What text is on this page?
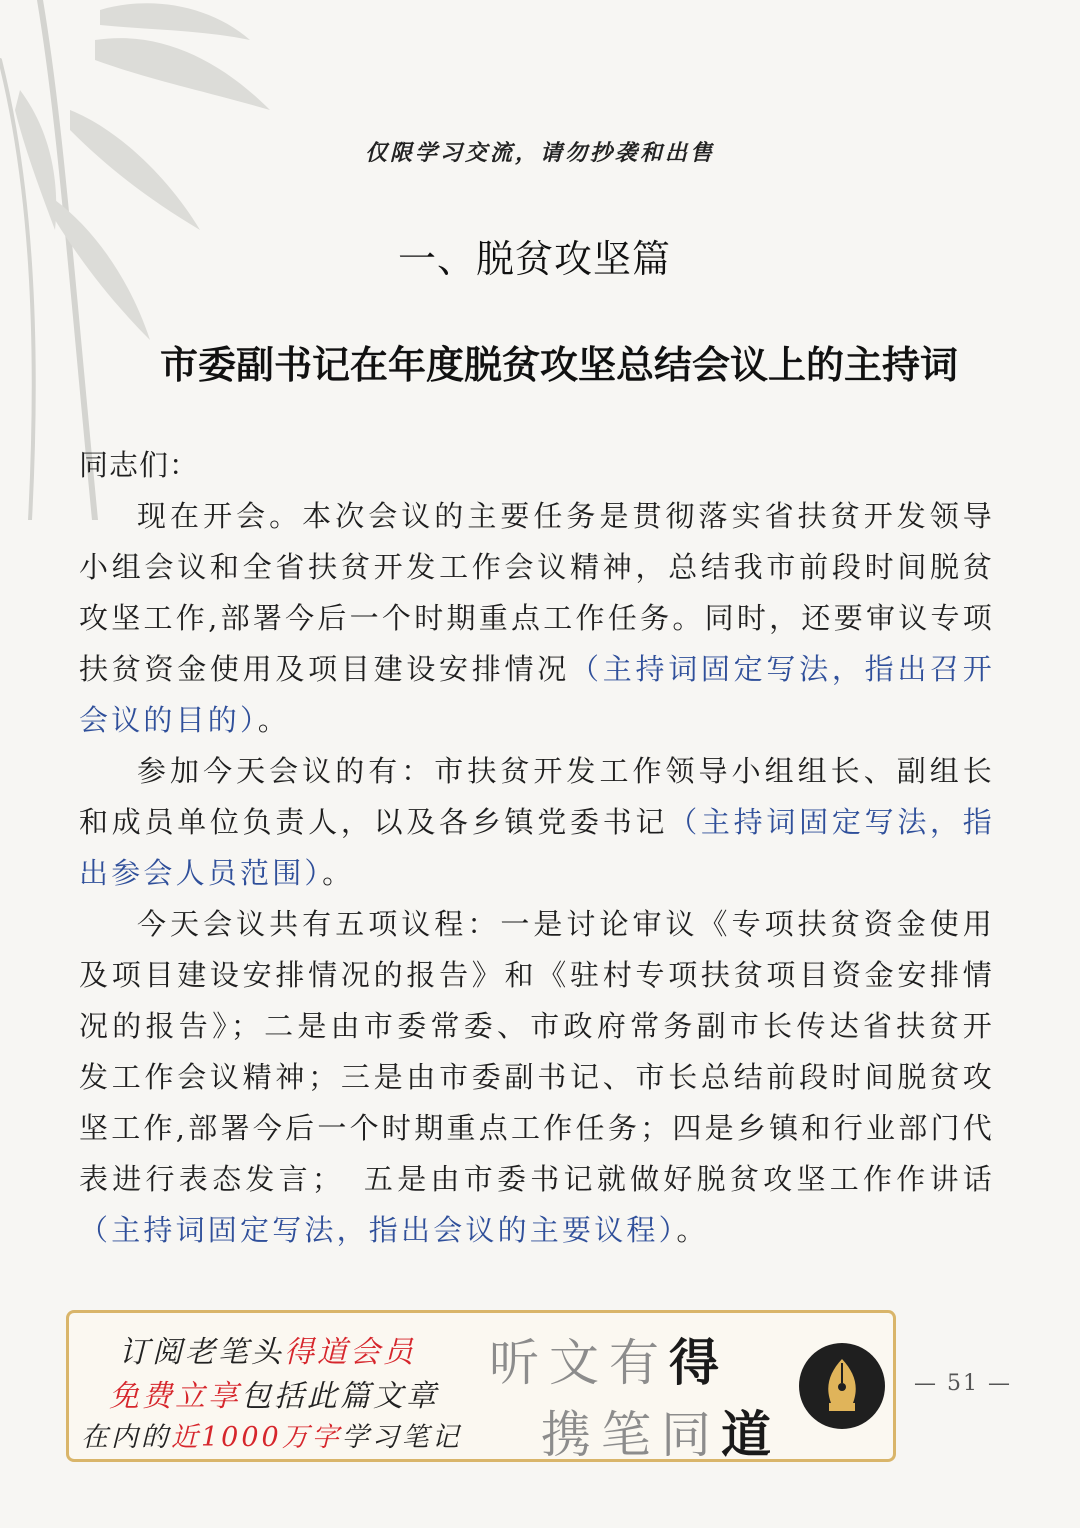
仅限学习交流，请勿抄袭和出售
一、脱贫攻坚篇
市委副书记在年度脱贫攻坚总结会议上的主持词

同志们：

现在开会。本次会议的主要任务是贯彻落实省扶贫开发领导小组会议和全省扶贫开发工作会议精神，总结我市前段时间脱贫攻坚工作,部署今后一个时期重点工作任务。同时，还要审议专项扶贫资金使用及项目建设安排情况（主持词固定写法，指出召开会议的目的）。

参加今天会议的有：市扶贫开发工作领导小组组长、副组长和成员单位负责人，以及各乡镇党委书记（主持词固定写法，指出参会人员范围）。

今天会议共有五项议程：一是讨论审议《专项扶贫资金使用及项目建设安排情况的报告》和《驻村专项扶贫项目资金安排情况的报告》；二是由市委常委、市政府常务副市长传达省扶贫开发工作会议精神；三是由市委副书记、市长总结前段时间脱贫攻坚工作,部署今后一个时期重点工作任务；四是乡镇和行业部门代表进行表态发言；　五是由市委书记就做好脱贫攻坚工作作讲话（主持词固定写法，指出会议的主要议程）。

订阅老笔头得道会员
免费立享包括此篇文章
在内的近1000万字学习笔记
听文有得
携笔同道
— 51 —
